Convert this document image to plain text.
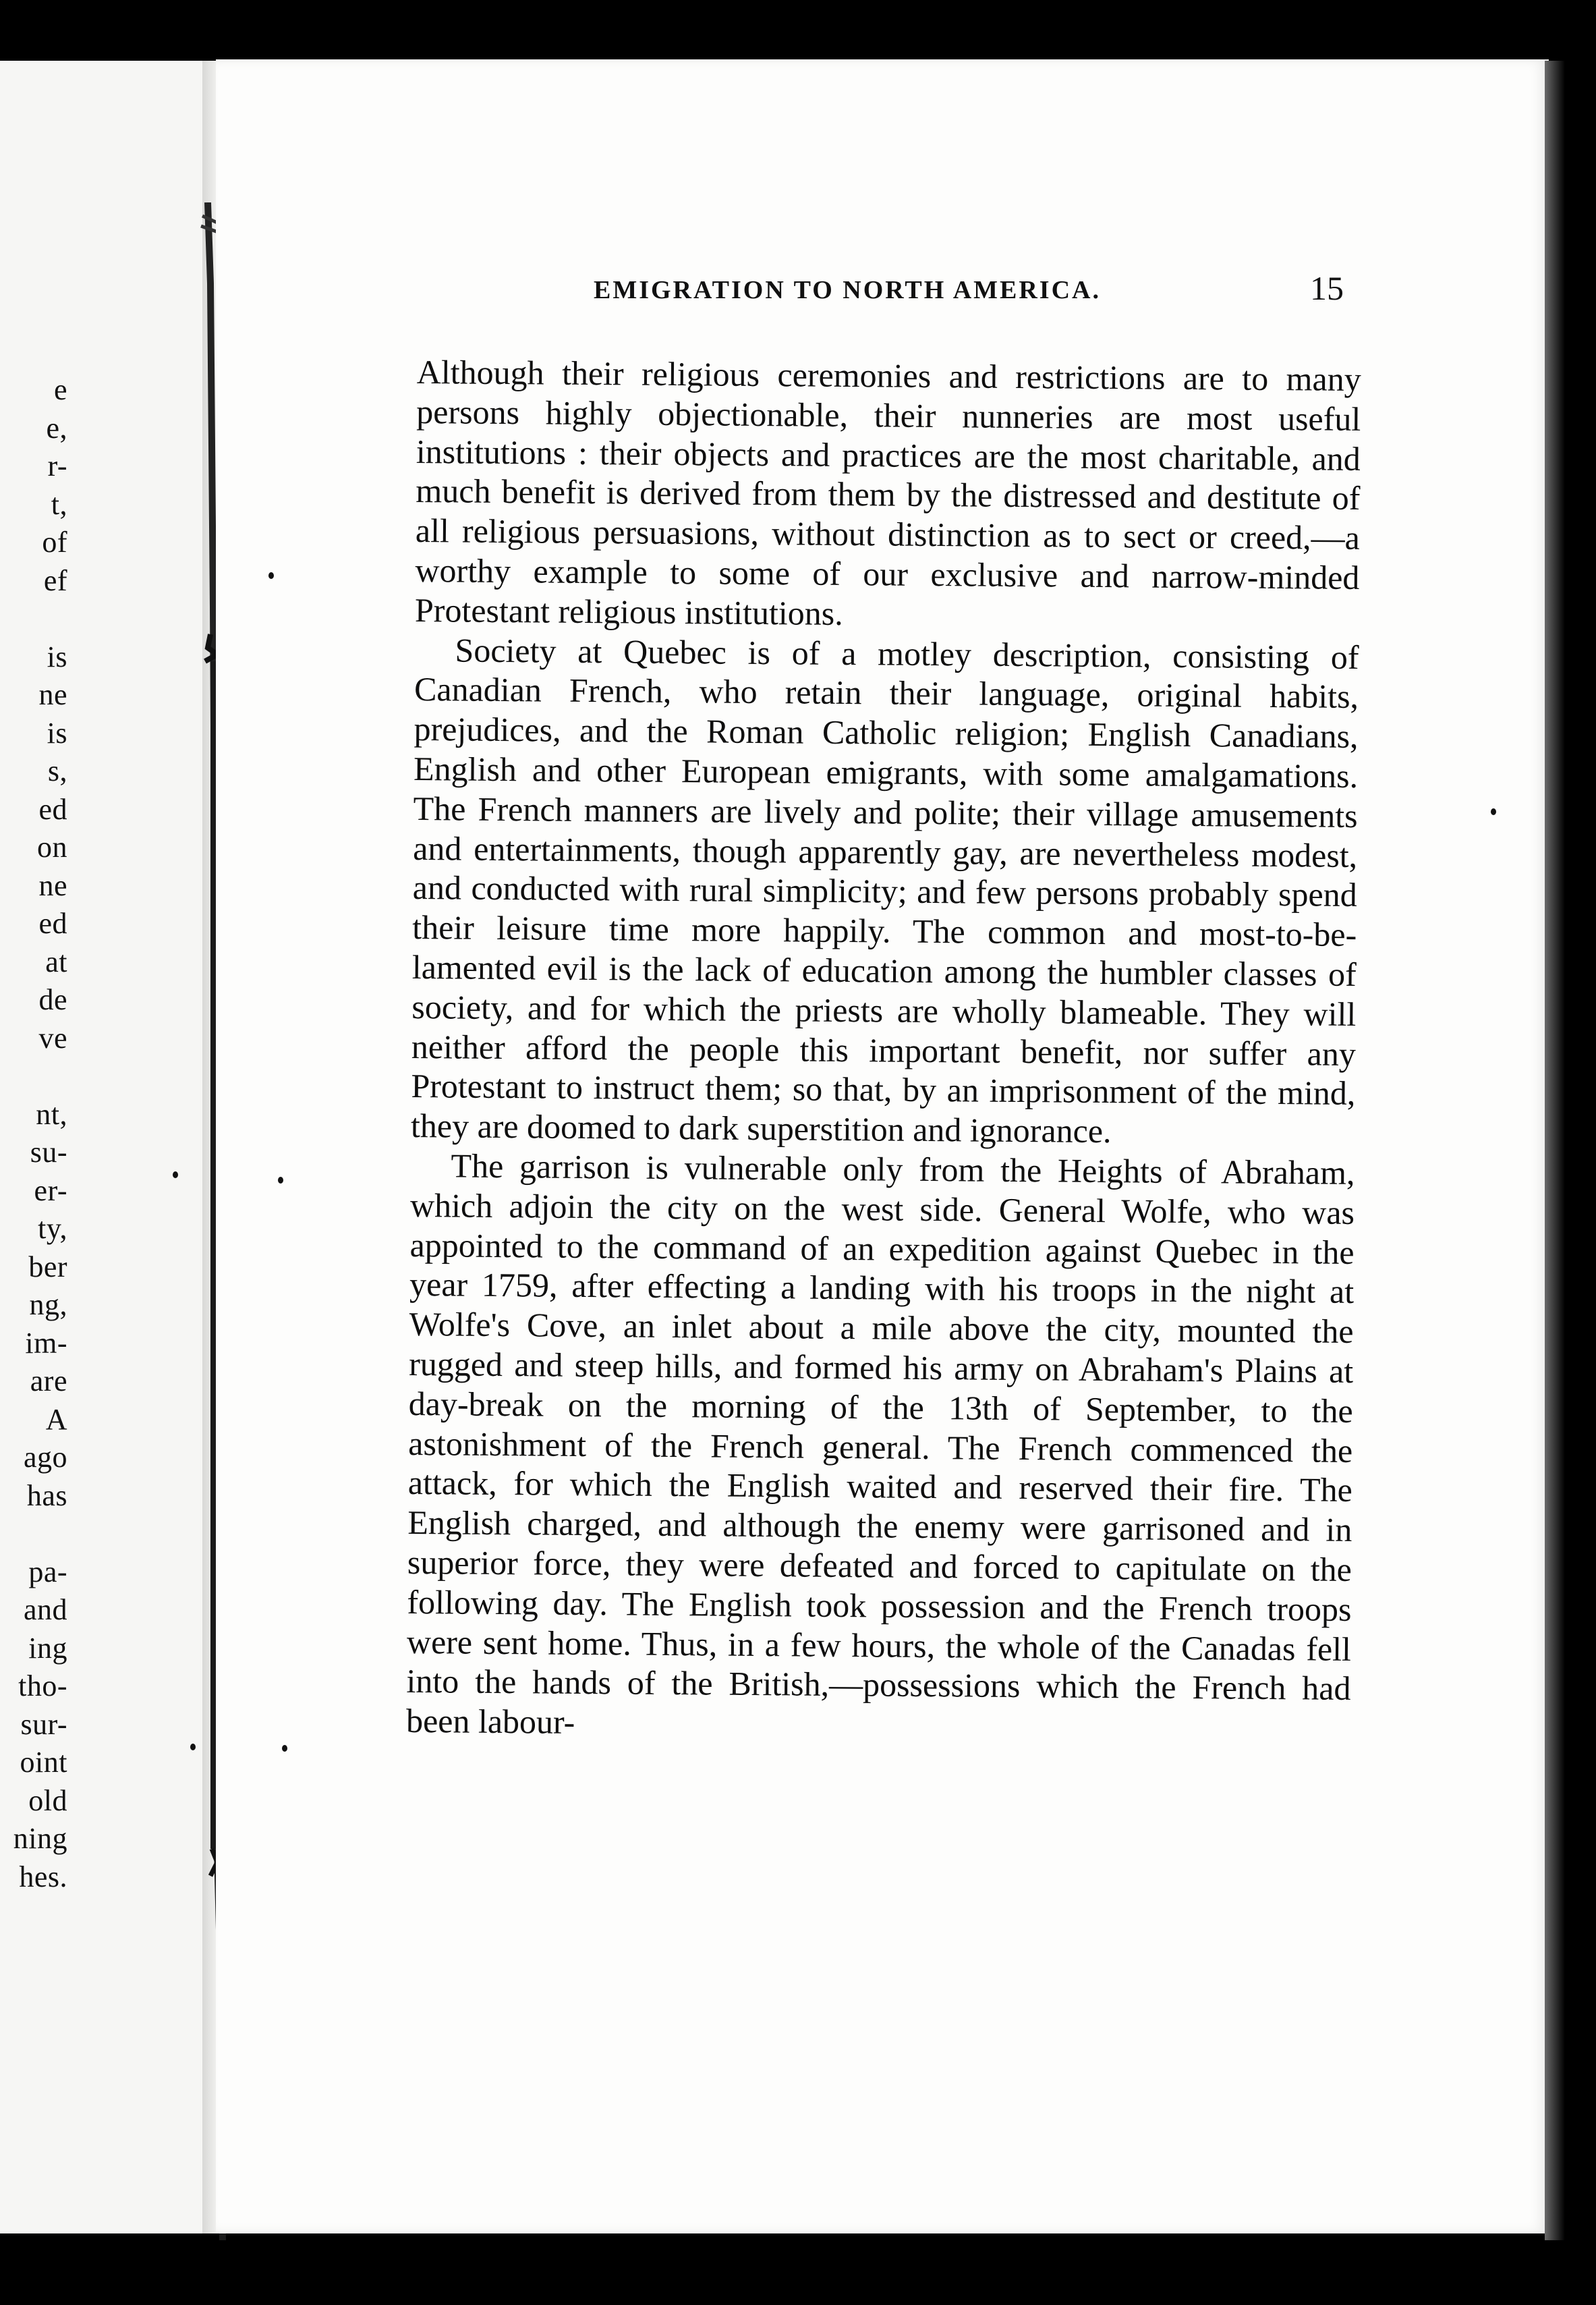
e
e,
r-
t,
of
ef

is
ne
is
s,
ed
on
ne
ed
at
de
ve

nt,
su-
er-
ty,
ber
ng,
im-
are
A
ago
has

pa-
and
ing
tho-
sur-
oint
old
ning
hes.
EMIGRATION TO NORTH AMERICA.	15

Although their religious ceremonies and restrictions are to many persons highly objectionable, their nunneries are most useful institutions : their objects and practices are the most charitable, and much benefit is derived from them by the distressed and destitute of all religious persuasions, without distinction as to sect or creed,—a worthy example to some of our exclusive and narrow-minded Protestant religious institutions.

Society at Quebec is of a motley description, consisting of Canadian French, who retain their language, original habits, prejudices, and the Roman Catholic religion; English Canadians, English and other European emigrants, with some amalgamations. The French manners are lively and polite; their village amusements and entertainments, though apparently gay, are nevertheless modest, and conducted with rural simplicity; and few persons probably spend their leisure time more happily. The common and most-to-be-lamented evil is the lack of education among the humbler classes of society, and for which the priests are wholly blameable. They will neither afford the people this important benefit, nor suffer any Protestant to instruct them; so that, by an imprisonment of the mind, they are doomed to dark superstition and ignorance.

The garrison is vulnerable only from the Heights of Abraham, which adjoin the city on the west side. General Wolfe, who was appointed to the command of an expedition against Quebec in the year 1759, after effecting a landing with his troops in the night at Wolfe's Cove, an inlet about a mile above the city, mounted the rugged and steep hills, and formed his army on Abraham's Plains at day-break on the morning of the 13th of September, to the astonishment of the French general. The French commenced the attack, for which the English waited and reserved their fire. The English charged, and although the enemy were garrisoned and in superior force, they were defeated and forced to capitulate on the following day. The English took possession and the French troops were sent home. Thus, in a few hours, the whole of the Canadas fell into the hands of the British,—possessions which the French had been labour-
